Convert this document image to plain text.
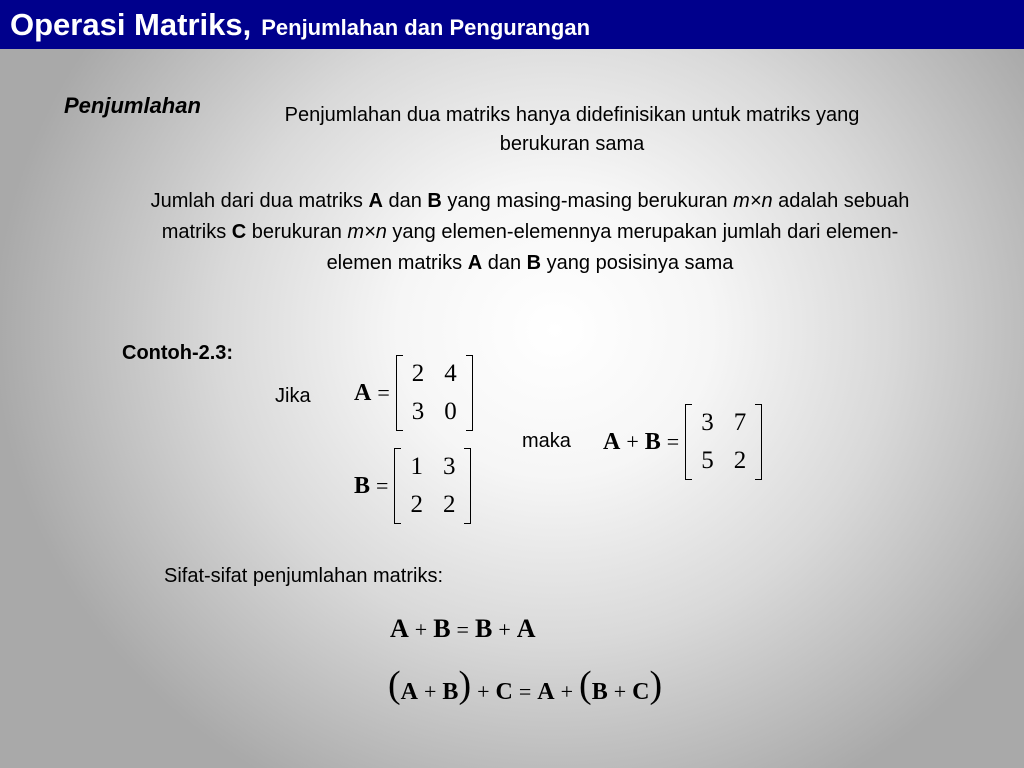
Operasi Matriks, Penjumlahan dan Pengurangan
Penjumlahan	Penjumlahan dua matriks hanya didefinisikan untuk matriks yang berukuran sama
Jumlah dari dua matriks A dan B yang masing-masing berukuran m×n adalah sebuah matriks C berukuran m×n yang elemen-elemennya merupakan jumlah dari elemen-elemen matriks A dan B yang posisinya sama
Contoh-2.3:
Jika A =
2	4
3	0
B =
1	3
2	2
maka A + B =
3	7
5	2
Sifat-sifat penjumlahan matriks:
A + B = B + A
(A + B) + C = A + (B + C)
